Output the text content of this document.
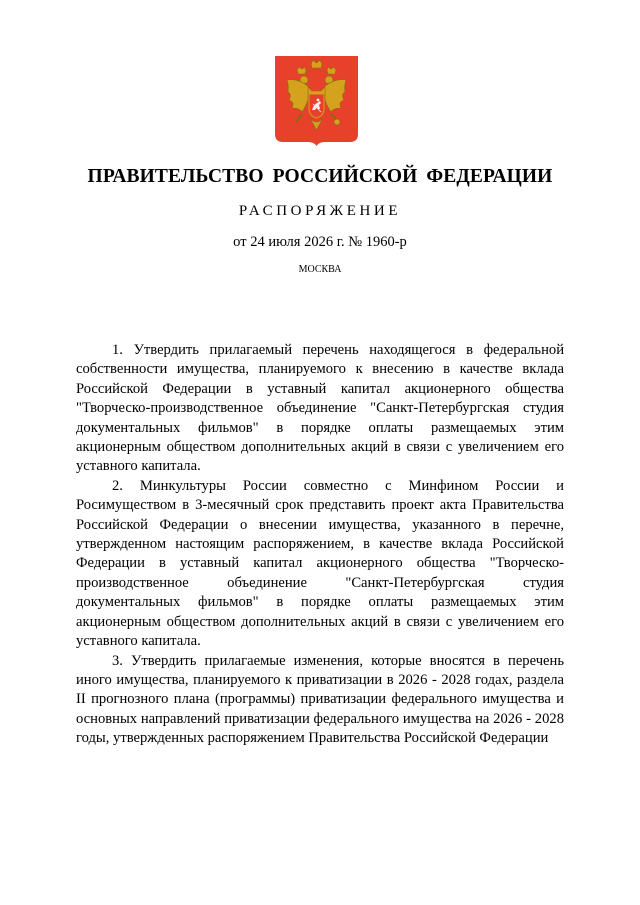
ПРАВИТЕЛЬСТВО РОССИЙСКОЙ ФЕДЕРАЦИИ
РАСПОРЯЖЕНИЕ
от 24 июля 2026 г. № 1960-р
МОСКВА

1. Утвердить прилагаемый перечень находящегося в федеральной собственности имущества, планируемого к внесению в качестве вклада Российской Федерации в уставный капитал акционерного общества "Творческо-производственное объединение "Санкт-Петербургская студия документальных фильмов" в порядке оплаты размещаемых этим акционерным обществом дополнительных акций в связи с увеличением его уставного капитала.

2. Минкультуры России совместно с Минфином России и Росимуществом в 3-месячный срок представить проект акта Правительства Российской Федерации о внесении имущества, указанного в перечне, утвержденном настоящим распоряжением, в качестве вклада Российской Федерации в уставный капитал акционерного общества "Творческо-производственное объединение "Санкт-Петербургская студия документальных фильмов" в порядке оплаты размещаемых этим акционерным обществом дополнительных акций в связи с увеличением его уставного капитала.

3. Утвердить прилагаемые изменения, которые вносятся в перечень иного имущества, планируемого к приватизации в 2026 - 2028 годах, раздела II прогнозного плана (программы) приватизации федерального имущества и основных направлений приватизации федерального имущества на 2026 - 2028 годы, утвержденных распоряжением Правительства Российской Федерации
